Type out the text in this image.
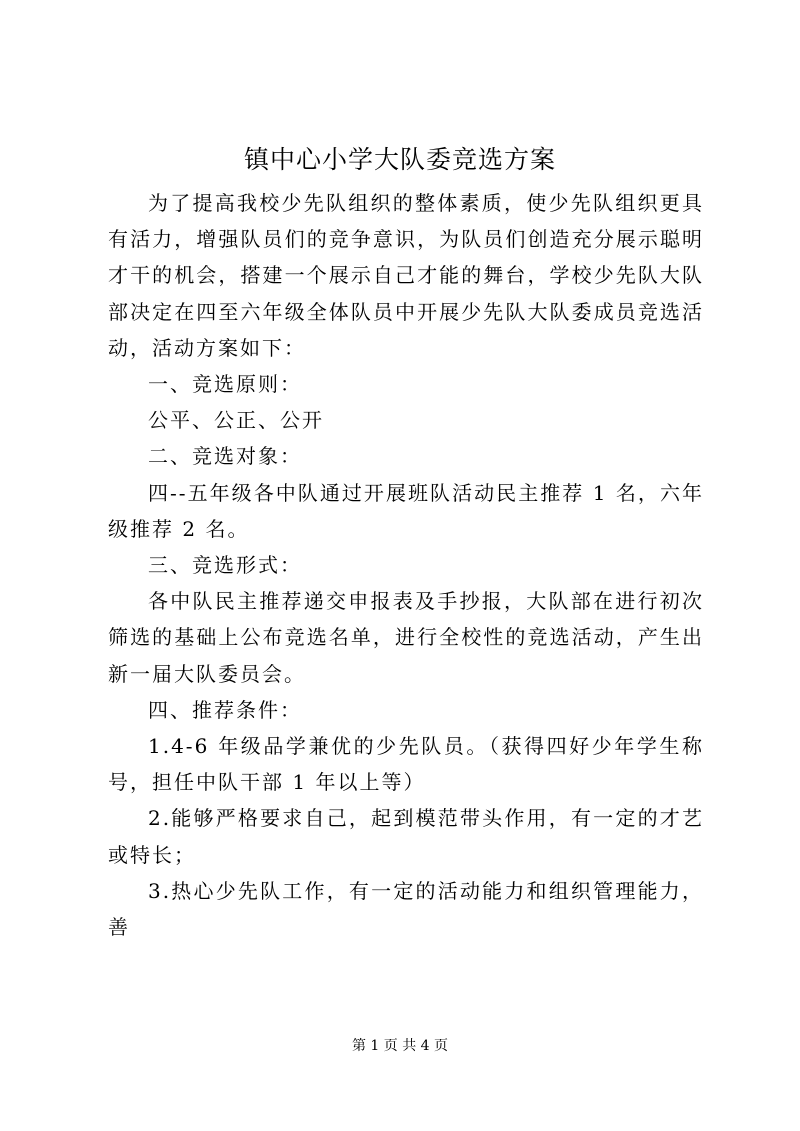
镇中心小学大队委竞选方案

为了提高我校少先队组织的整体素质，使少先队组织更具有活力，增强队员们的竞争意识，为队员们创造充分展示聪明才干的机会，搭建一个展示自己才能的舞台，学校少先队大队部决定在四至六年级全体队员中开展少先队大队委成员竞选活动，活动方案如下：

一、竞选原则：

公平、公正、公开

二、竞选对象：

四--五年级各中队通过开展班队活动民主推荐 1 名，六年级推荐 2 名。

三、竞选形式：

各中队民主推荐递交申报表及手抄报，大队部在进行初次筛选的基础上公布竞选名单，进行全校性的竞选活动，产生出新一届大队委员会。

四、推荐条件：

1.4-6 年级品学兼优的少先队员。（获得四好少年学生称号，担任中队干部 1 年以上等）

2.能够严格要求自己，起到模范带头作用，有一定的才艺或特长；

3.热心少先队工作，有一定的活动能力和组织管理能力，善

第 1 页 共 4 页
